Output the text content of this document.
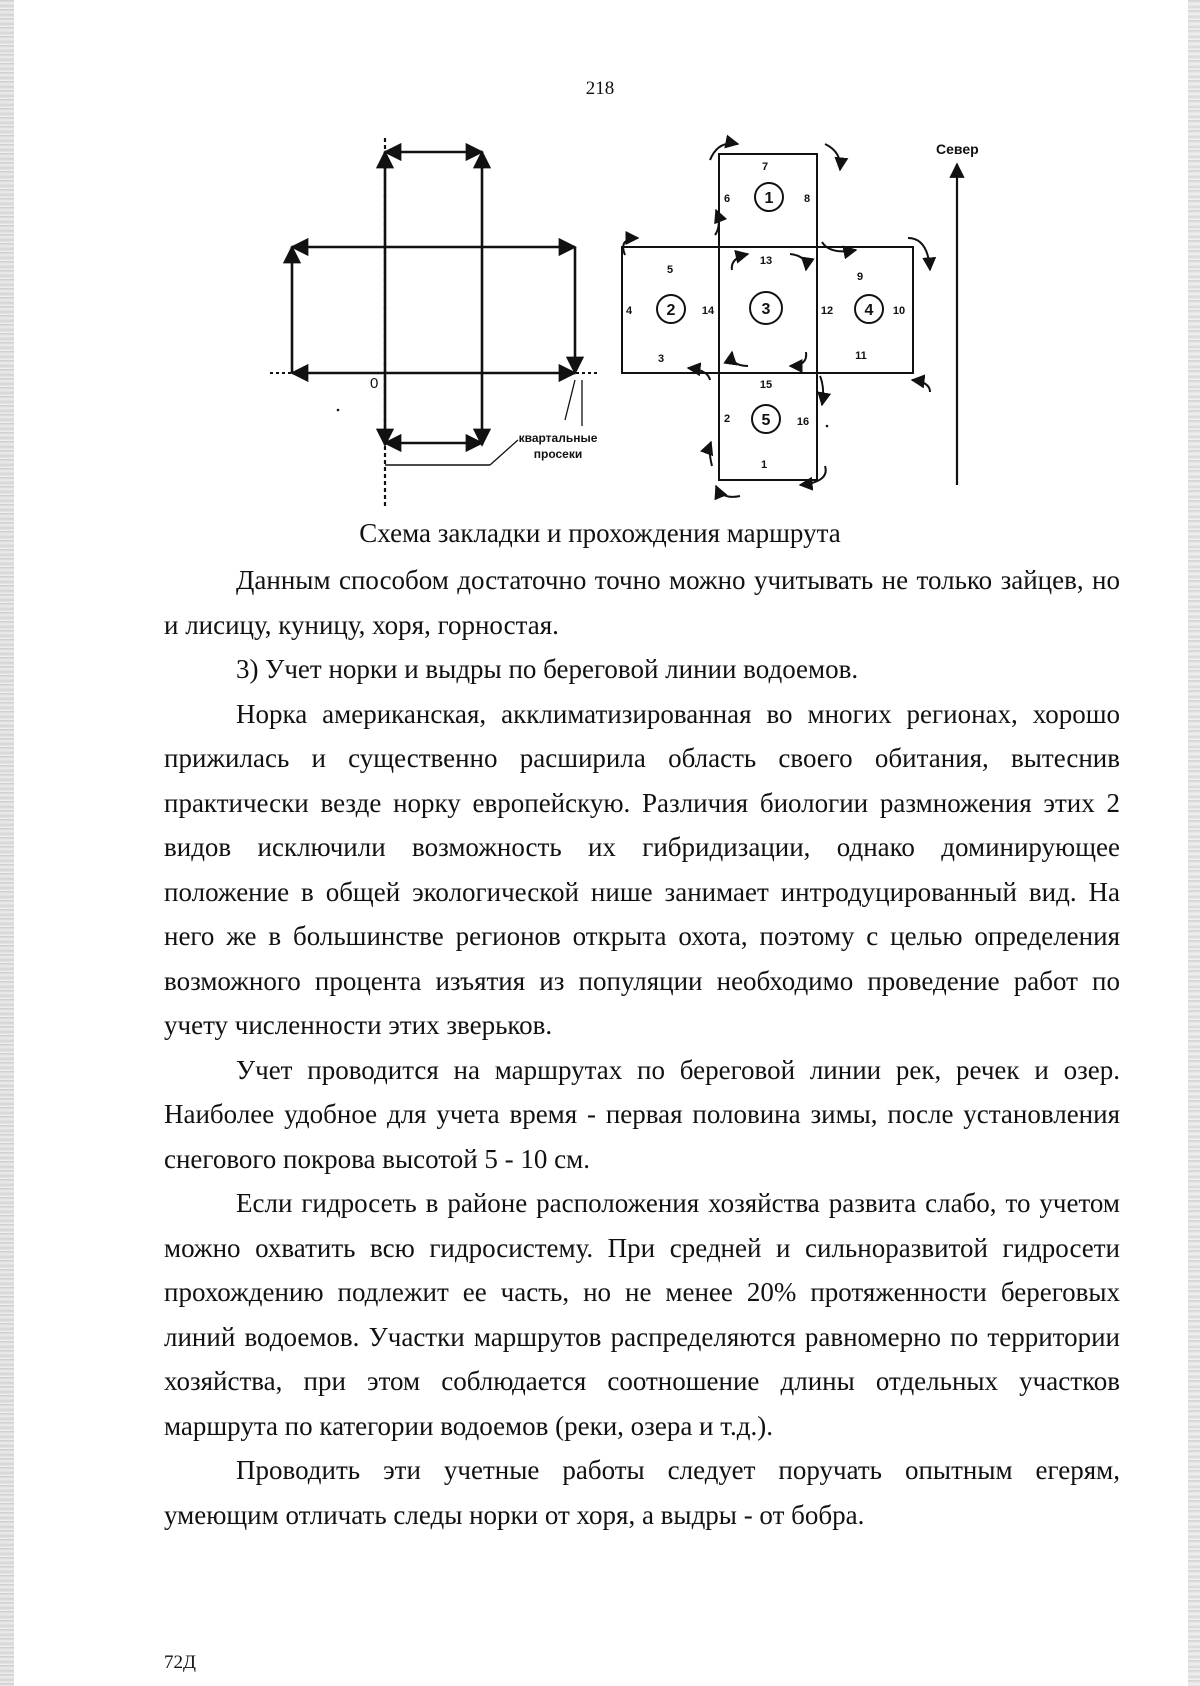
218
0
квартальные
просеки
1
2	3	4
5
1
2
3
4
5
6
7
8
9
10
11
12
13
14
15
16
Север
Схема закладки и прохождения маршрута

Данным способом достаточно точно можно учитывать не только зайцев, но и лисицу, куницу, хоря, горностая.

3) Учет норки и выдры по береговой линии водоемов.

Норка американская, акклиматизированная во многих регионах, хорошо прижилась и существенно расширила область своего обитания, вытеснив практически везде норку европейскую. Различия биологии размножения этих 2 видов исключили возможность их гибридизации, однако доминирующее положение в общей экологической нише занимает интродуцированный вид. На него же в большинстве регионов открыта охота, поэтому с целью определения возможного процента изъятия из популяции необходимо проведение работ по учету численности этих зверьков.

Учет проводится на маршрутах по береговой линии рек, речек и озер. Наиболее удобное для учета время - первая половина зимы, после установления снегового покрова высотой 5 - 10 см.

Если гидросеть в районе расположения хозяйства развита слабо, то учетом можно охватить всю гидросистему. При средней и сильноразвитой гидросети прохождению подлежит ее часть, но не менее 20% протяженности береговых линий водоемов. Участки маршрутов распределяются равномерно по территории хозяйства, при этом соблюдается соотношение длины отдельных участков маршрута по категории водоемов (реки, озера и т.д.).

Проводить эти учетные работы следует поручать опытным егерям, умеющим отличать следы норки от хоря, а выдры - от бобра.

72Д
